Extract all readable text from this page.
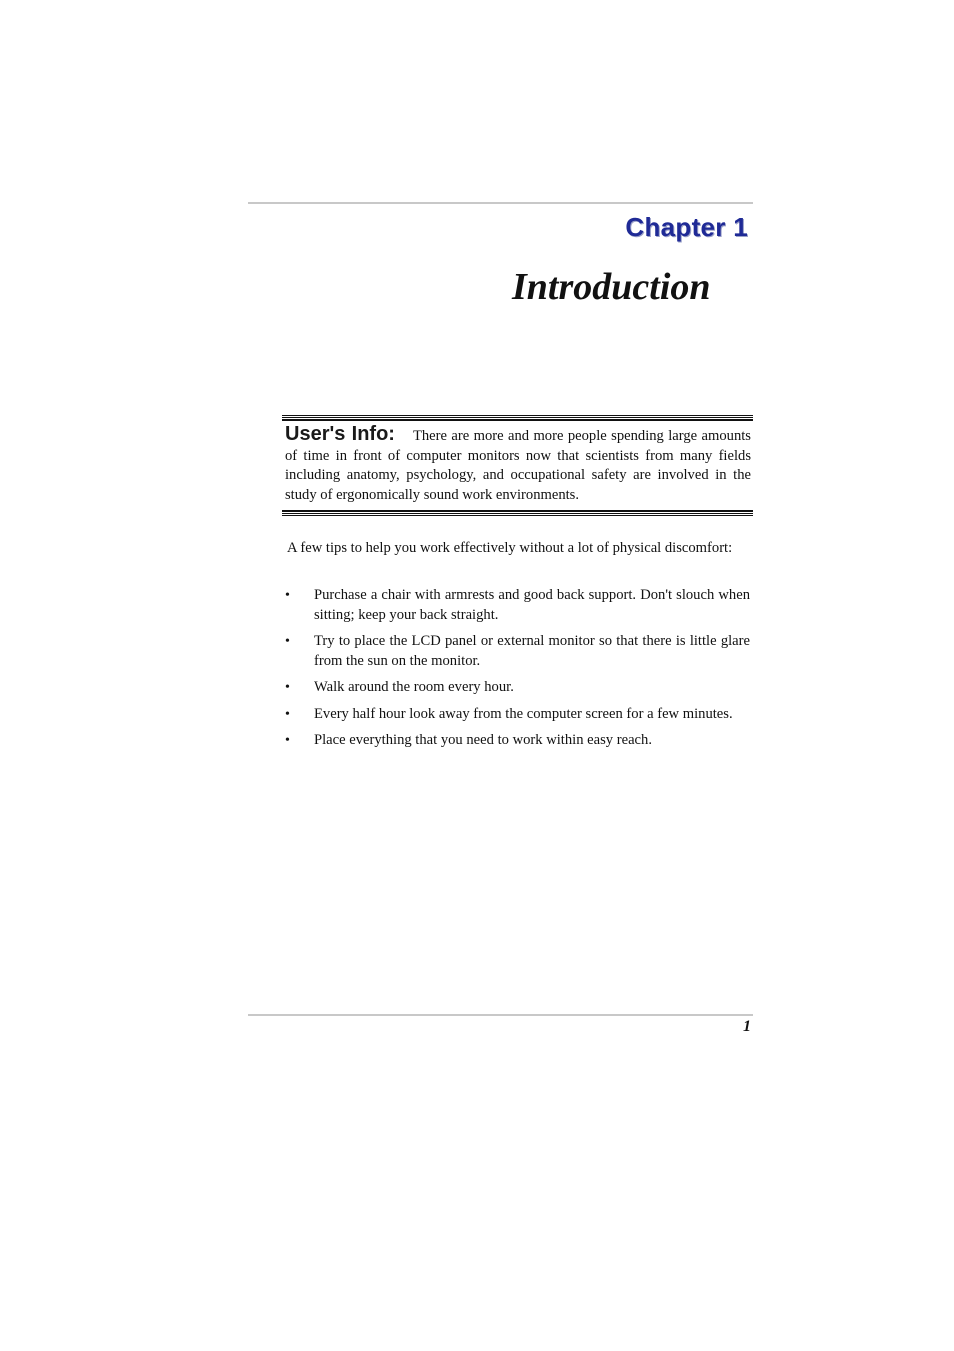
Chapter 1
Introduction
User's Info: There are more and more people spending large amounts of time in front of computer monitors now that scientists from many fields including anatomy, psychology, and occupational safety are involved in the study of ergonomically sound work environments.

A few tips to help you work effectively without a lot of physical discomfort:

• Purchase a chair with armrests and good back support. Don't slouch when sitting; keep your back straight.
• Try to place the LCD panel or external monitor so that there is little glare from the sun on the monitor.
• Walk around the room every hour.
• Every half hour look away from the computer screen for a few minutes.
• Place everything that you need to work within easy reach.
1
